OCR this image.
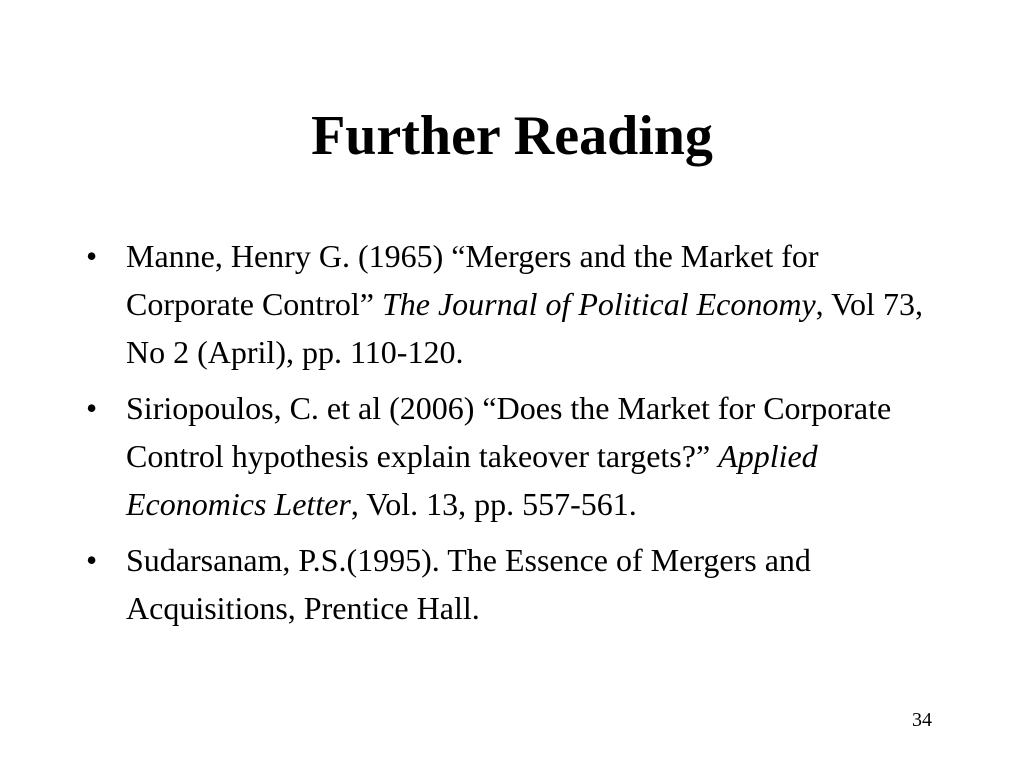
Further Reading
• Manne, Henry G. (1965) “Mergers and the Market for Corporate Control” The Journal of Political Economy, Vol 73, No 2 (April), pp. 110-120.
• Siriopoulos, C. et al (2006) “Does the Market for Corporate Control hypothesis explain takeover targets?” Applied Economics Letter, Vol. 13, pp. 557-561.
• Sudarsanam, P.S.(1995). The Essence of Mergers and Acquisitions, Prentice Hall.
34
